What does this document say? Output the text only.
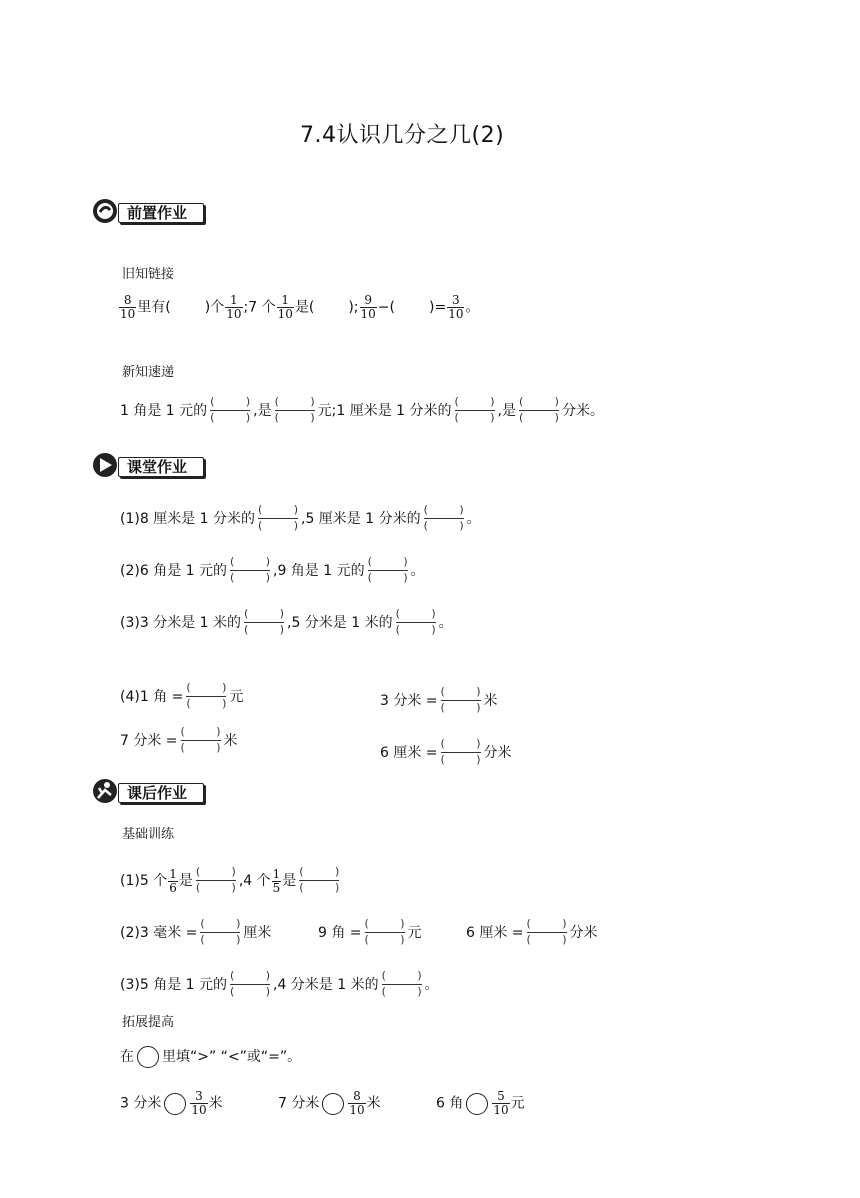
7.4认识几分之几(2)
前置作业
旧知链接
$\frac{8}{10}$ 里有( )个 $\frac{1}{10}$ ;7 个 $\frac{1}{10}$ 是( ); $\frac{9}{10}$ −( )= $\frac{3}{10}$ 。
新知速递
1 角是 1 元的
(	)
(	) ,是
(	)
(	) 元;1 厘米是 1 分米的
(	)
(	) ,是
(	)
(	) 分米。
课堂作业
(1)8 厘米是 1 分米的
(	)
(	) ,5 厘米是 1 分米的
(	)
(	) 。
(2)6 角是 1 元的
(	)
(	) ,9 角是 1 元的
(	)
(	) 。
(3)3 分米是 1 米的
(	)
(	) ,5 分米是 1 米的
(	)
(	) 。
(4)1 角 =
(	)
(	) 元	3 分米 =
(	)
(	) 米
7 分米 =
(	)
(	) 米
6 厘米 =
(	)
(	) 分米
课后作业
基础训练
(1)5 个 $\frac{1}{6}$ 是
(	)
(	) ,4 个 $\frac{1}{5}$ 是
(	)
(	)
(2)3 毫米 =
(	)
(	) 厘米	9 角 =
(	)
(	) 元	6 厘米 =
(	)
(	) 分米
(3)5 角是 1 元的
(	)
(	) ,4 分米是 1 米的
(	)
(	) 。
拓展提高
在 里填“>” “<”或“=”。
3 分米 $\frac{3}{10}$ 米	7 分米 $\frac{8}{10}$ 米	6 角 $\frac{5}{10}$ 元
